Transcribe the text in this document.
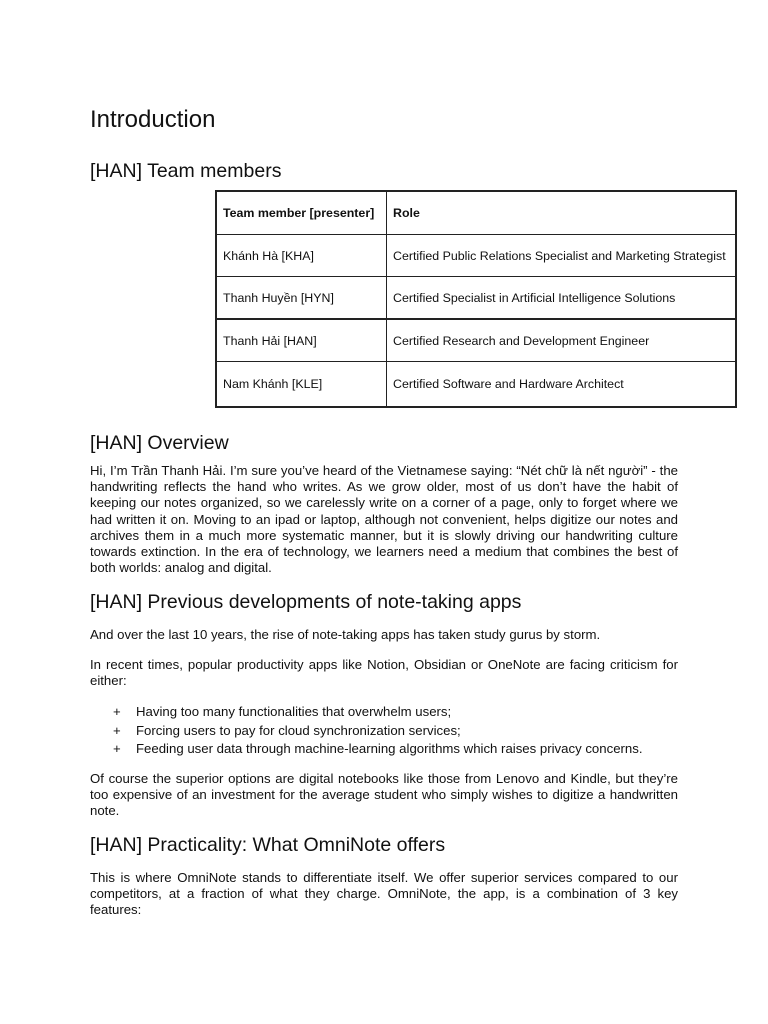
Introduction
[HAN] Team members
Team member [presenter]	Role
Khánh Hà [KHA]	Certified Public Relations Specialist and Marketing Strategist
Thanh Huyền [HYN]	Certified Specialist in Artificial Intelligence Solutions
Thanh Hải [HAN]	Certified Research and Development Engineer
Nam Khánh [KLE]	Certified Software and Hardware Architect
[HAN] Overview

Hi, I’m Trần Thanh Hải. I’m sure you’ve heard of the Vietnamese saying: “Nét chữ là nết người” - the handwriting reflects the hand who writes. As we grow older, most of us don’t have the habit of keeping our notes organized, so we carelessly write on a corner of a page, only to forget where we had written it on. Moving to an ipad or laptop, although not convenient, helps digitize our notes and archives them in a much more systematic manner, but it is slowly driving our handwriting culture towards extinction. In the era of technology, we learners need a medium that combines the best of both worlds: analog and digital.

[HAN] Previous developments of note-taking apps

And over the last 10 years, the rise of note-taking apps has taken study gurus by storm.

In recent times, popular productivity apps like Notion, Obsidian or OneNote are facing criticism for either:

+ Having too many functionalities that overwhelm users;
+ Forcing users to pay for cloud synchronization services;
+ Feeding user data through machine-learning algorithms which raises privacy concerns.

Of course the superior options are digital notebooks like those from Lenovo and Kindle, but they’re too expensive of an investment for the average student who simply wishes to digitize a handwritten note.

[HAN] Practicality: What OmniNote offers

This is where OmniNote stands to differentiate itself. We offer superior services compared to our competitors, at a fraction of what they charge. OmniNote, the app, is a combination of 3 key features:
